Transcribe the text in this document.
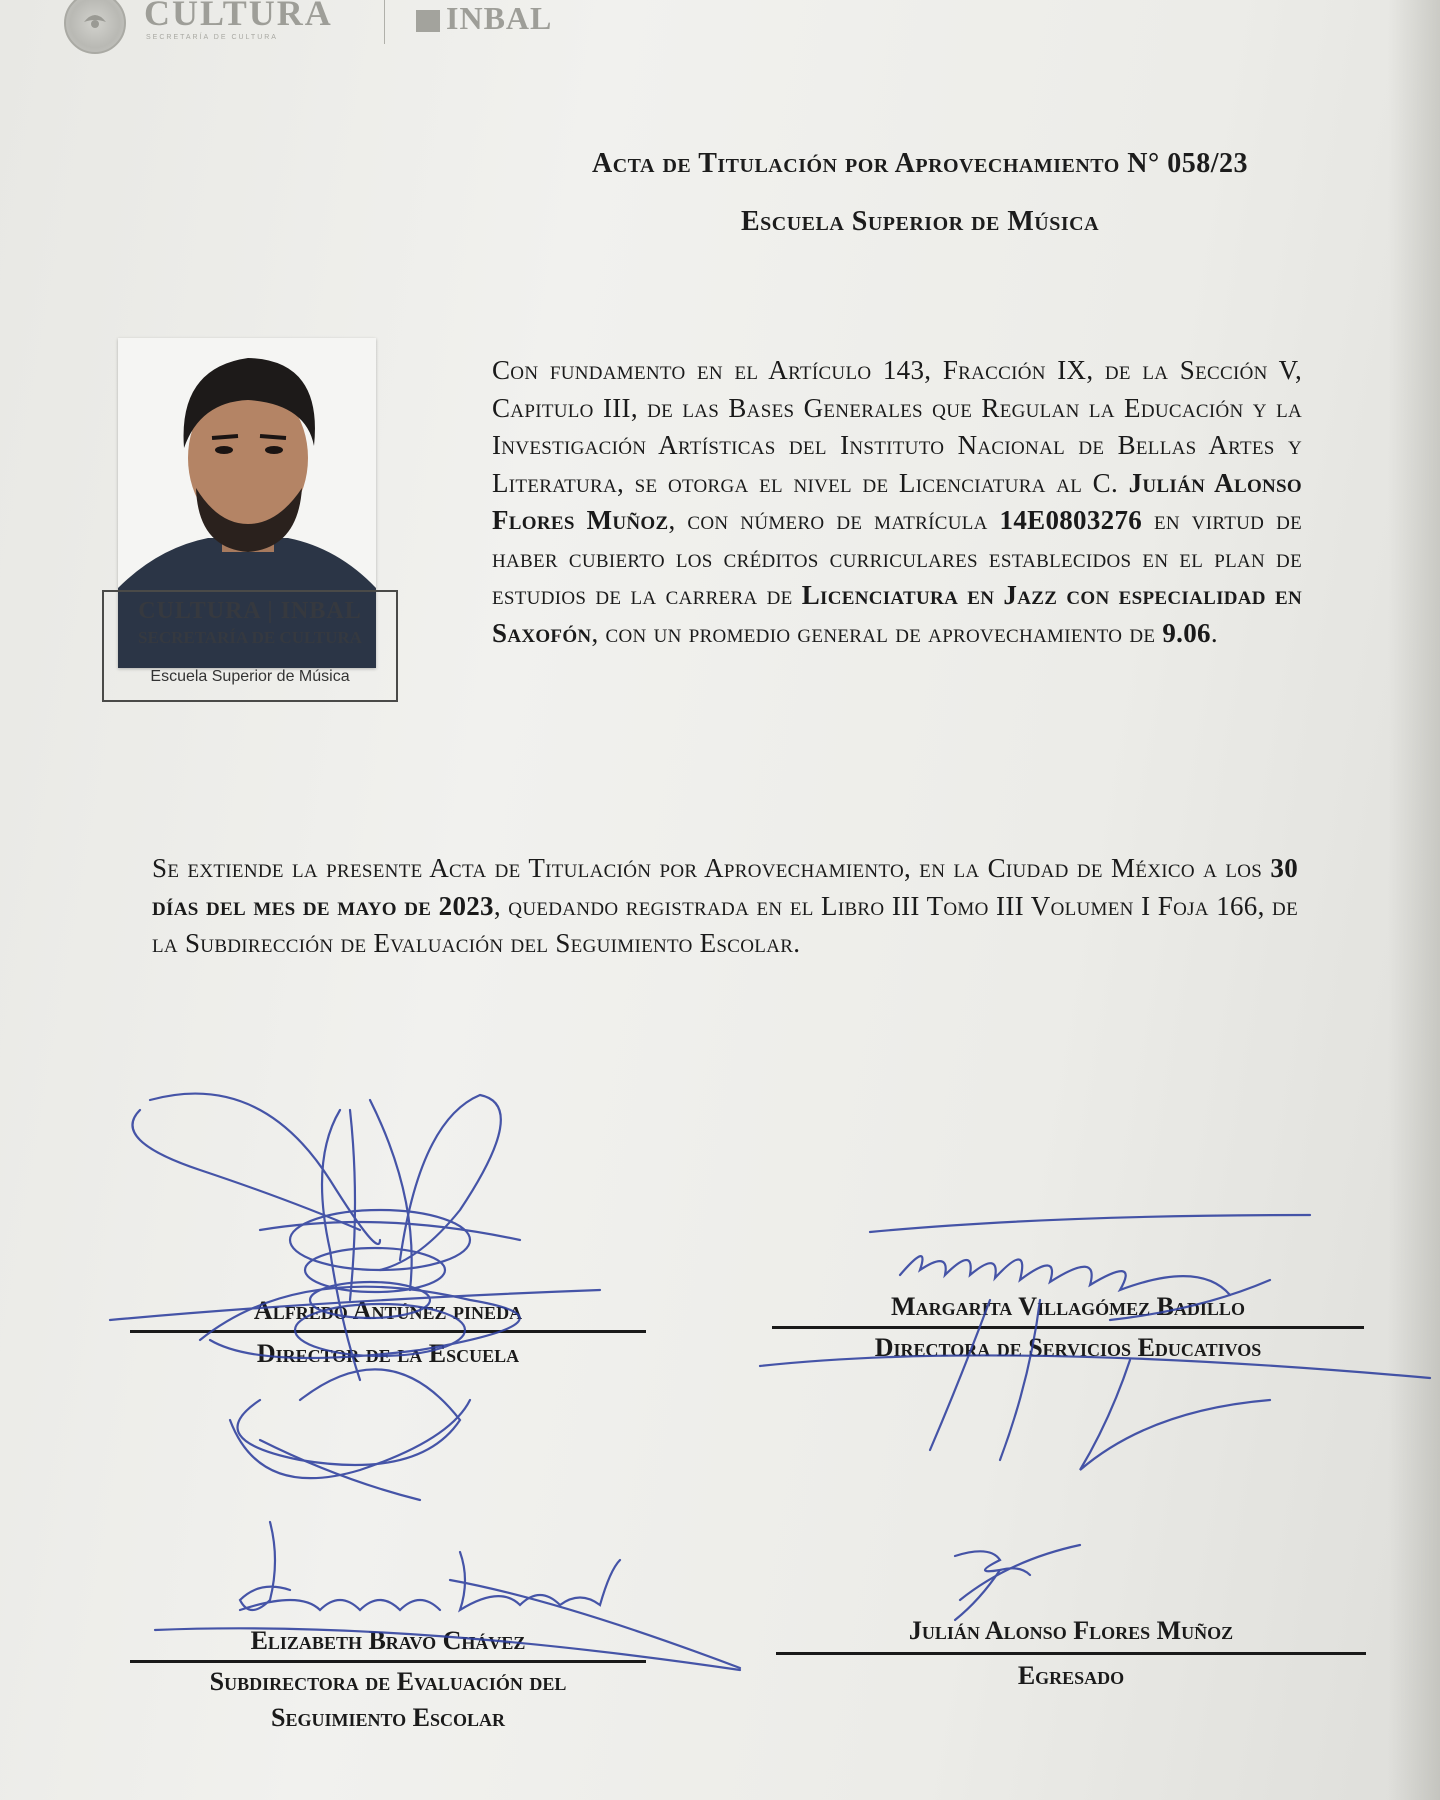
CULTURA
SECRETARÍA DE CULTURA
INBAL
Acta de Titulación por Aprovechamiento N° 058/23
Escuela Superior de Música
CULTURA | INBAL
SECRETARÍA DE CULTURA
Escuela Superior de Música
Con fundamento en el Artículo 143, Fracción IX, de la Sección V, Capitulo III, de las Bases Generales que Regulan la Educación y la Investigación Artísticas del Instituto Nacional de Bellas Artes y Literatura, se otorga el nivel de Licenciatura al C. Julián Alonso Flores Muñoz, con número de matrícula 14E0803276 en virtud de haber cubierto los créditos curriculares establecidos en el plan de estudios de la carrera de Licenciatura en Jazz con especialidad en Saxofón, con un promedio general de aprovechamiento de 9.06.
Se extiende la presente Acta de Titulación por Aprovechamiento, en la Ciudad de México a los 30 días del mes de mayo de 2023, quedando registrada en el Libro III Tomo III Volumen I Foja 166, de la Subdirección de Evaluación del Seguimiento Escolar.
Alfredo Antúnez pineda
Director de la Escuela
Margarita Villagómez Badillo
Directora de Servicios Educativos
Elizabeth Bravo Chávez
Subdirectora de Evaluación del
Seguimiento Escolar
Julián Alonso Flores Muñoz
Egresado
